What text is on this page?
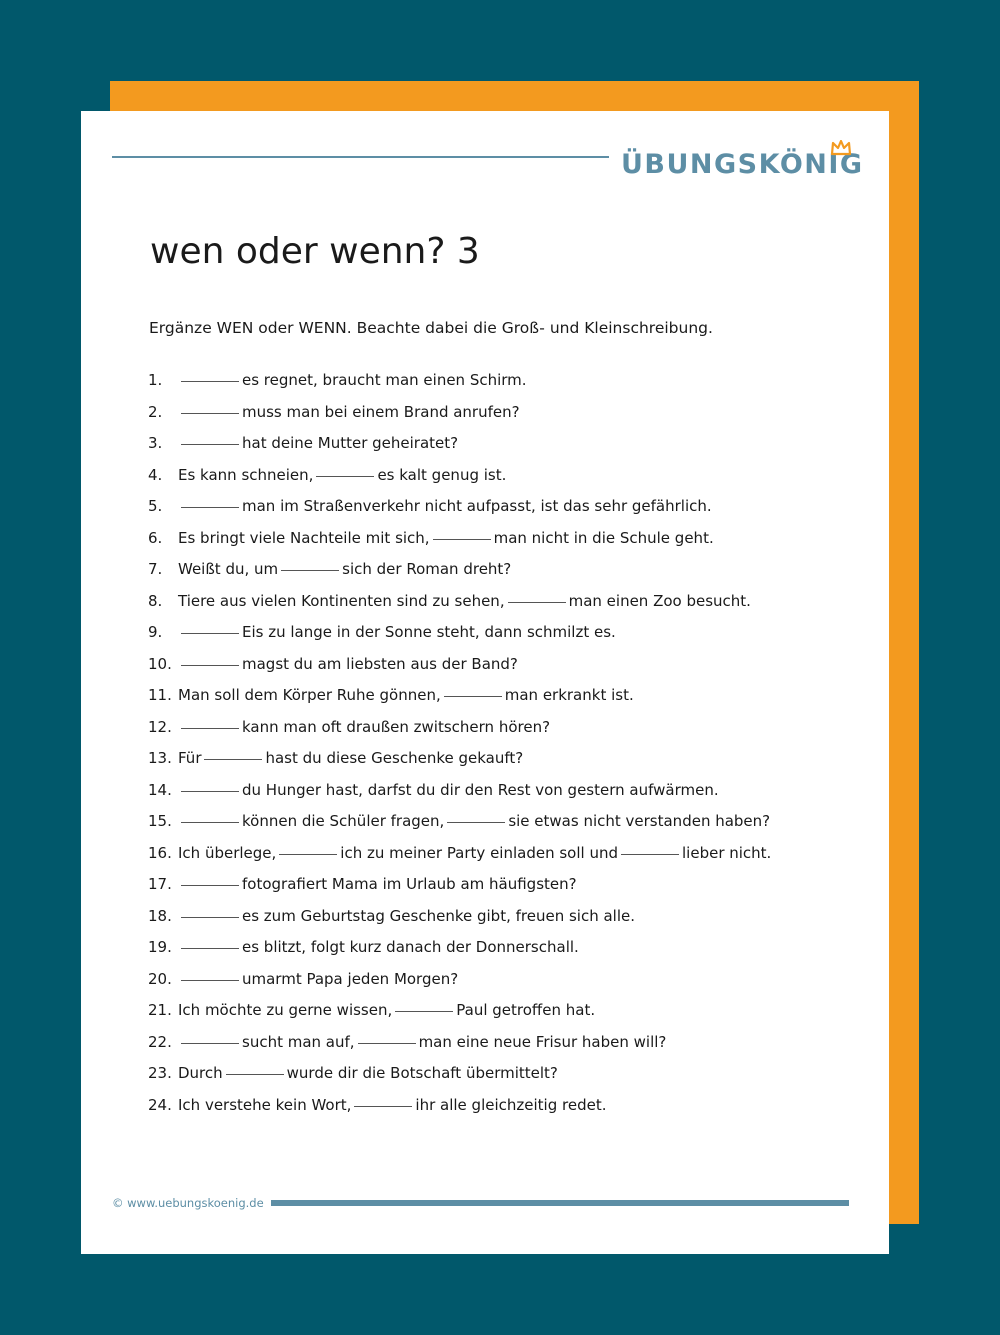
ÜBUNGSKÖNIG
wen oder wenn? 3
Ergänze WEN oder WENN. Beachte dabei die Groß- und Kleinschreibung.
1.	es regnet, braucht man einen Schirm.
2.	muss man bei einem Brand anrufen?
3.	hat deine Mutter geheiratet?
4. Es kann schneien,	es kalt genug ist.
5.	man im Straßenverkehr nicht aufpasst, ist das sehr gefährlich.
6. Es bringt viele Nachteile mit sich,	man nicht in die Schule geht.
7. Weißt du, um	sich der Roman dreht?
8. Tiere aus vielen Kontinenten sind zu sehen,	man einen Zoo besucht.
9.	Eis zu lange in der Sonne steht, dann schmilzt es.
10.	magst du am liebsten aus der Band?
11. Man soll dem Körper Ruhe gönnen,	man erkrankt ist.
12.	kann man oft draußen zwitschern hören?
13. Für	hast du diese Geschenke gekauft?
14.	du Hunger hast, darfst du dir den Rest von gestern aufwärmen.
15.	können die Schüler fragen,	sie etwas nicht verstanden haben?
16. Ich überlege,	ich zu meiner Party einladen soll und	lieber nicht.
17.	fotografiert Mama im Urlaub am häufigsten?
18.	es zum Geburtstag Geschenke gibt, freuen sich alle.
19.	es blitzt, folgt kurz danach der Donnerschall.
20.	umarmt Papa jeden Morgen?
21. Ich möchte zu gerne wissen,	Paul getroffen hat.
22.	sucht man auf,	man eine neue Frisur haben will?
23. Durch	wurde dir die Botschaft übermittelt?
24. Ich verstehe kein Wort,	ihr alle gleichzeitig redet.
© www.uebungskoenig.de
